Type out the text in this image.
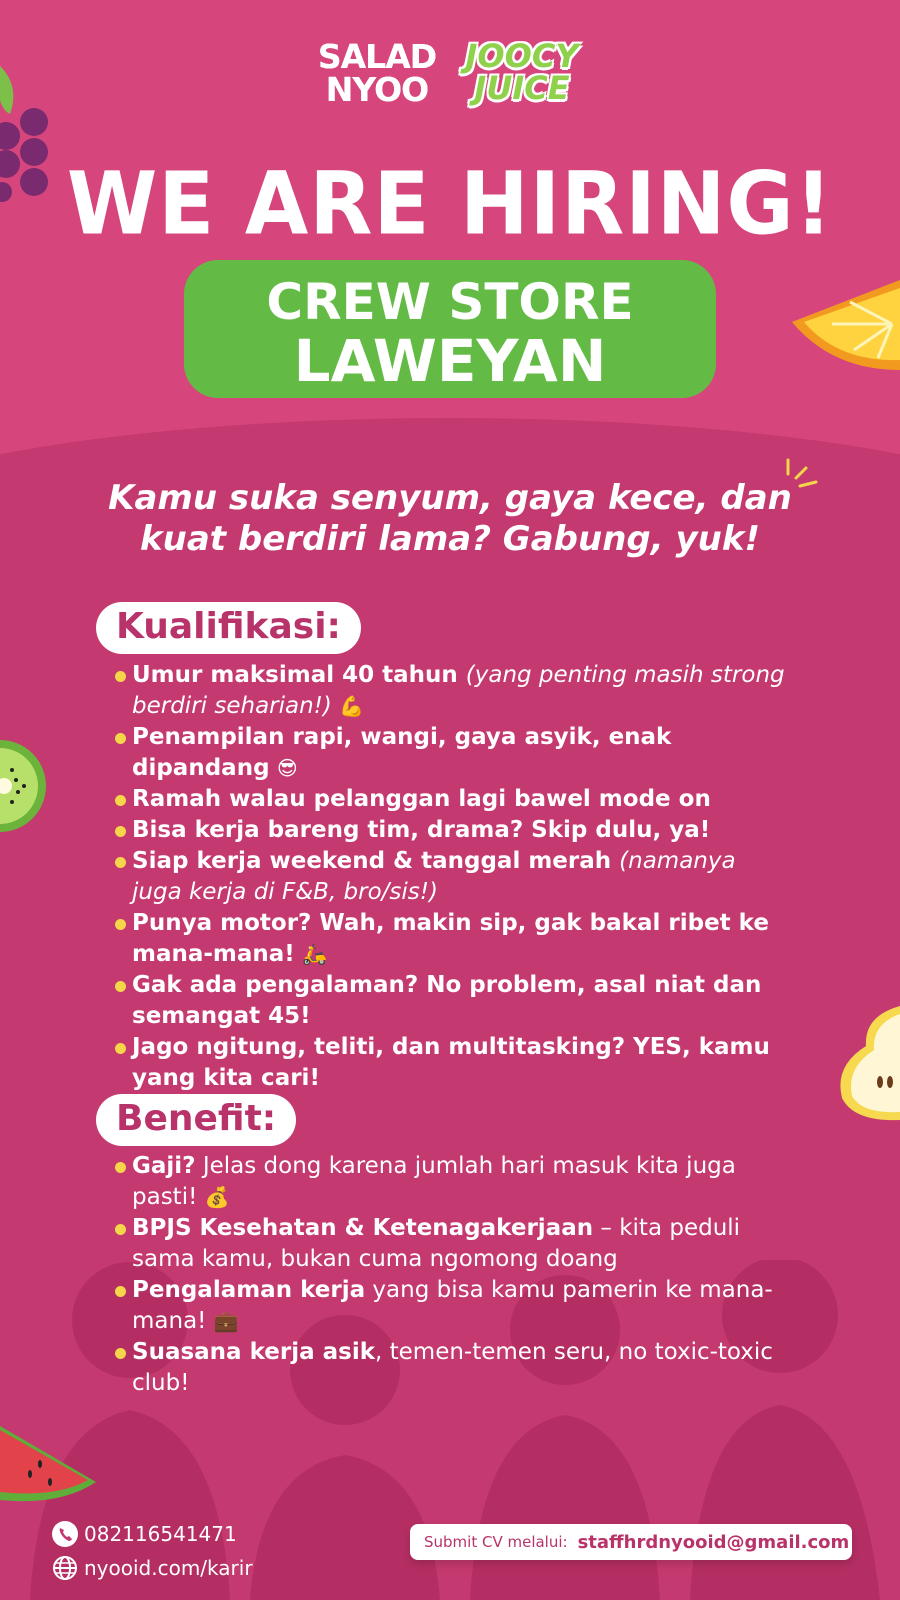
SALAD
NYOO
JOOCY
JUICE
WE ARE HIRING!
CREW STORE
LAWEYAN
Kamu suka senyum, gaya kece, dan
kuat berdiri lama? Gabung, yuk!
Kualifikasi:
Umur maksimal 40 tahun (yang penting masih strong berdiri seharian!) 💪
Penampilan rapi, wangi, gaya asyik, enak dipandang 😎
Ramah walau pelanggan lagi bawel mode on
Bisa kerja bareng tim, drama? Skip dulu, ya!
Siap kerja weekend & tanggal merah (namanya juga kerja di F&B, bro/sis!)
Punya motor? Wah, makin sip, gak bakal ribet ke mana-mana! 🛵
Gak ada pengalaman? No problem, asal niat dan semangat 45!
Jago ngitung, teliti, dan multitasking? YES, kamu yang kita cari!
Benefit:
Gaji? Jelas dong karena jumlah hari masuk kita juga pasti! 💰
BPJS Kesehatan & Ketenagakerjaan – kita peduli sama kamu, bukan cuma ngomong doang
Pengalaman kerja yang bisa kamu pamerin ke mana-mana! 💼
Suasana kerja asik, temen-temen seru, no toxic-toxic club!
082116541471
nyooid.com/karir
Submit CV melalui: staffhrdnyooid@gmail.com
